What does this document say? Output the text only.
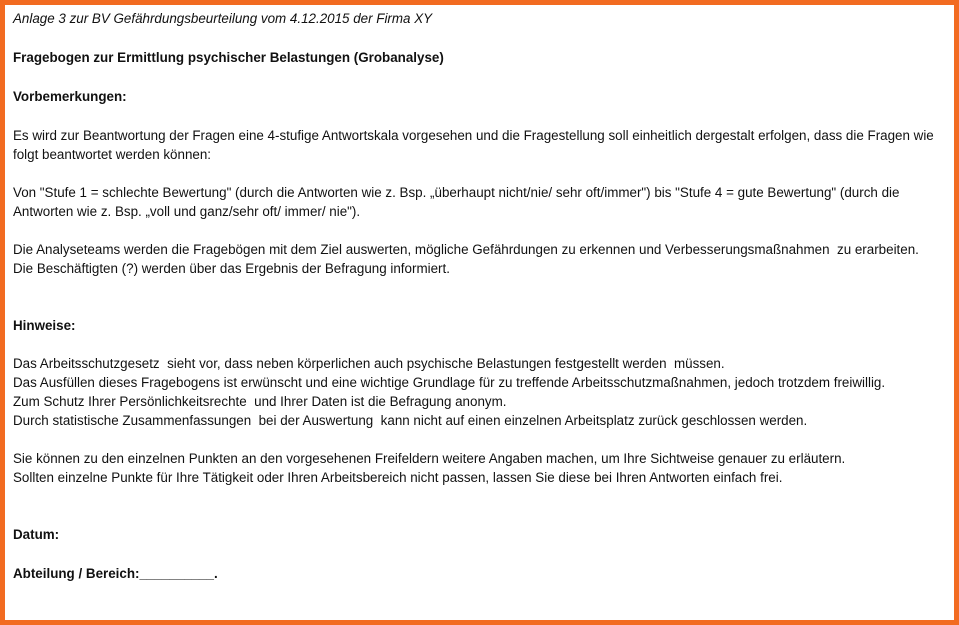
Anlage 3 zur BV Gefährdungsbeurteilung vom 4.12.2015 der Firma XY

Fragebogen zur Ermittlung psychischer Belastungen (Grobanalyse)

Vorbemerkungen:

Es wird zur Beantwortung der Fragen eine 4-stufige Antwortskala vorgesehen und die Fragestellung soll einheitlich dergestalt erfolgen, dass die Fragen wie folgt beantwortet werden können:

Von "Stufe 1 = schlechte Bewertung" (durch die Antworten wie z. Bsp. „überhaupt nicht/nie/ sehr oft/immer") bis "Stufe 4 = gute Bewertung" (durch die Antworten wie z. Bsp. „voll und ganz/sehr oft/ immer/ nie").

Die Analyseteams werden die Fragebögen mit dem Ziel auswerten, mögliche Gefährdungen zu erkennen und Verbesserungsmaßnahmen  zu erarbeiten. Die Beschäftigten (?) werden über das Ergebnis der Befragung informiert.

Hinweise:

Das Arbeitsschutzgesetz  sieht vor, dass neben körperlichen auch psychische Belastungen festgestellt werden  müssen.

Das Ausfüllen dieses Fragebogens ist erwünscht und eine wichtige Grundlage für zu treffende Arbeitsschutzmaßnahmen, jedoch trotzdem freiwillig.

Zum Schutz Ihrer Persönlichkeitsrechte  und Ihrer Daten ist die Befragung anonym.

Durch statistische Zusammenfassungen  bei der Auswertung  kann nicht auf einen einzelnen Arbeitsplatz zurück geschlossen werden.

Sie können zu den einzelnen Punkten an den vorgesehenen Freifeldern weitere Angaben machen, um Ihre Sichtweise genauer zu erläutern.

Sollten einzelne Punkte für Ihre Tätigkeit oder Ihren Arbeitsbereich nicht passen, lassen Sie diese bei Ihren Antworten einfach frei.

Datum:

Abteilung / Bereich:__________.
